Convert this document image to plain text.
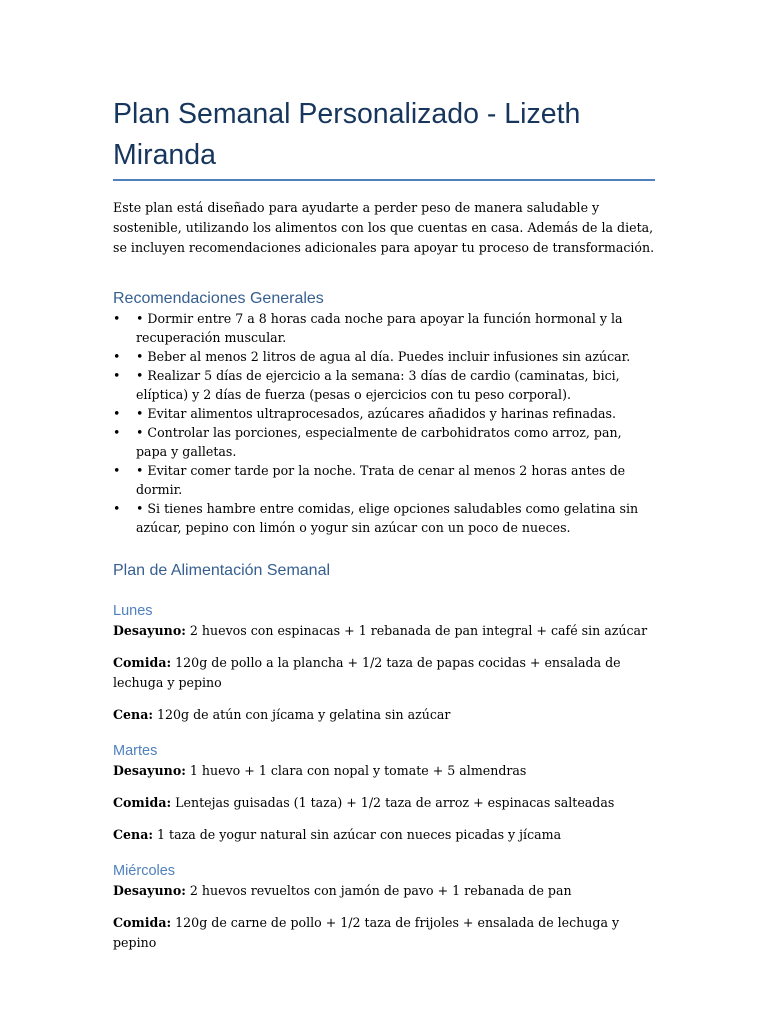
Plan Semanal Personalizado - Lizeth Miranda

Este plan está diseñado para ayudarte a perder peso de manera saludable y sostenible, utilizando los alimentos con los que cuentas en casa. Además de la dieta, se incluyen recomendaciones adicionales para apoyar tu proceso de transformación.

Recomendaciones Generales
•	• Dormir entre 7 a 8 horas cada noche para apoyar la función hormonal y la recuperación muscular.
•	• Beber al menos 2 litros de agua al día. Puedes incluir infusiones sin azúcar.
•	• Realizar 5 días de ejercicio a la semana: 3 días de cardio (caminatas, bici, elíptica) y 2 días de fuerza (pesas o ejercicios con tu peso corporal).
•	• Evitar alimentos ultraprocesados, azúcares añadidos y harinas refinadas.
•	• Controlar las porciones, especialmente de carbohidratos como arroz, pan, papa y galletas.
•	• Evitar comer tarde por la noche. Trata de cenar al menos 2 horas antes de dormir.
•	• Si tienes hambre entre comidas, elige opciones saludables como gelatina sin azúcar, pepino con limón o yogur sin azúcar con un poco de nueces.
Plan de Alimentación Semanal
Lunes

Desayuno: 2 huevos con espinacas + 1 rebanada de pan integral + café sin azúcar

Comida: 120g de pollo a la plancha + 1/2 taza de papas cocidas + ensalada de lechuga y pepino

Cena: 120g de atún con jícama y gelatina sin azúcar

Martes

Desayuno: 1 huevo + 1 clara con nopal y tomate + 5 almendras

Comida: Lentejas guisadas (1 taza) + 1/2 taza de arroz + espinacas salteadas

Cena: 1 taza de yogur natural sin azúcar con nueces picadas y jícama

Miércoles

Desayuno: 2 huevos revueltos con jamón de pavo + 1 rebanada de pan

Comida: 120g de carne de pollo + 1/2 taza de frijoles + ensalada de lechuga y pepino
